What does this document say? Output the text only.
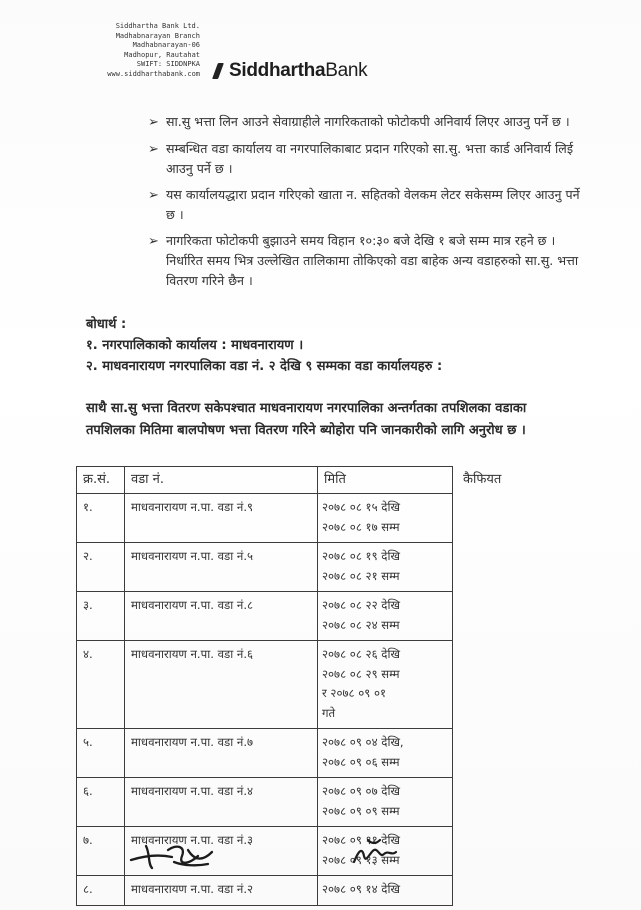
Siddhartha Bank Ltd.
Madhabnarayan Branch
Madhabnarayan-06
Madhopur, Rautahat
SWIFT: SIDDNPKA
www.siddharthabank.com SiddharthaBank
➢ सा.सु भत्ता लिन आउने सेवाग्राहीले नागरिकताको फोटोकपी अनिवार्य लिएर आउनु पर्ने छ ।
➢ सम्बन्धित वडा कार्यालय वा नगरपालिकाबाट प्रदान गरिएको सा.सु. भत्ता कार्ड अनिवार्य लिई आउनु पर्ने छ ।
➢ यस कार्यालयद्धारा प्रदान गरिएको खाता न. सहितको वेलकम लेटर सकेसम्म लिएर आउनु पर्ने छ ।
➢ नागरिकता फोटोकपी बुझाउने समय विहान १०:३० बजे देखि १ बजे सम्म मात्र रहने छ । निर्धारित समय भित्र उल्लेखित तालिकामा तोकिएको वडा बाहेक अन्य वडाहरुको सा.सु. भत्ता वितरण गरिने छैन ।
बोधार्थ :
१. नगरपालिकाको कार्यालय : माधवनारायण ।
२. माधवनारायण नगरपालिका वडा नं. २ देखि ९ सम्मका वडा कार्यालयहरु :
साथै सा.सु भत्ता वितरण सकेपश्चात माधवनारायण नगरपालिका अन्तर्गतका तपशिलका वडाका तपशिलका मितिमा बालपोषण भत्ता वितरण गरिने ब्योहोरा पनि जानकारीको लागि अनुरोध छ ।
क्र.सं.	वडा नं.	मिति	कैफियत
१.	माधवनारायण न.पा. वडा नं.९	२०७८ ०८ १५ देखि
२०७८ ०८ १७ सम्म	

२.	माधवनारायण न.पा. वडा नं.५	२०७८ ०८ १९ देखि
२०७८ ०८ २१ सम्म	

३.	माधवनारायण न.पा. वडा नं.८	२०७८ ०८ २२ देखि
२०७८ ०८ २४ सम्म	

४.	माधवनारायण न.पा. वडा नं.६	२०७८ ०८ २६ देखि
२०७८ ०८ २९ सम्म
र २०७८ ०९ ०१
गते	

५.	माधवनारायण न.पा. वडा नं.७	२०७८ ०९ ०४ देखि,
२०७८ ०९ ०६ सम्म	

६.	माधवनारायण न.पा. वडा नं.४	२०७८ ०९ ०७ देखि
२०७८ ०९ ०९ सम्म	

७.	माधवनारायण न.पा. वडा नं.३	२०७८ ०९ ११ देखि
२०७८ ०९ १३ सम्म	

८.	माधवनारायण न.पा. वडा नं.२	२०७८ ०९ १४ देखि	
